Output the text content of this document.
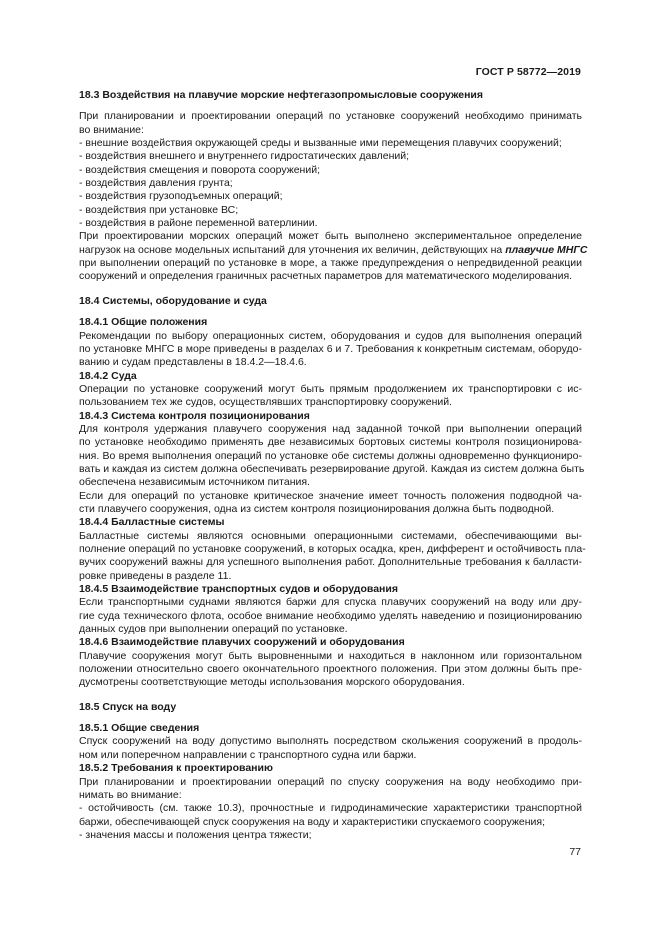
ГОСТ Р 58772—2019
18.3 Воздействия на плавучие морские нефтегазопромысловые сооружения
При планировании и проектировании операций по установке сооружений необходимо принимать
во внимание:
- внешние воздействия окружающей среды и вызванные ими перемещения плавучих сооружений;
- воздействия внешнего и внутреннего гидростатических давлений;
- воздействия смещения и поворота сооружений;
- воздействия давления грунта;
- воздействия грузоподъемных операций;
- воздействия при установке ВС;
- воздействия в районе переменной ватерлинии.
При проектировании морских операций может быть выполнено экспериментальное определение
нагрузок на основе модельных испытаний для уточнения их величин, действующих на плавучие МНГС
при выполнении операций по установке в море, а также предупреждения о непредвиденной реакции
сооружений и определения граничных расчетных параметров для математического моделирования.
18.4 Системы, оборудование и суда
18.4.1 Общие положения
Рекомендации по выбору операционных систем, оборудования и судов для выполнения операций
по установке МНГС в море приведены в разделах 6 и 7. Требования к конкретным системам, оборудо-
ванию и судам представлены в 18.4.2—18.4.6.
18.4.2 Суда
Операции по установке сооружений могут быть прямым продолжением их транспортировки с ис-
пользованием тех же судов, осуществлявших транспортировку сооружений.
18.4.3 Система контроля позиционирования
Для контроля удержания плавучего сооружения над заданной точкой при выполнении операций
по установке необходимо применять две независимых бортовых системы контроля позиционирова-
ния. Во время выполнения операций по установке обе системы должны одновременно функциониро-
вать и каждая из систем должна обеспечивать резервирование другой. Каждая из систем должна быть
обеспечена независимым источником питания.
Если для операций по установке критическое значение имеет точность положения подводной ча-
сти плавучего сооружения, одна из систем контроля позиционирования должна быть подводной.
18.4.4 Балластные системы
Балластные системы являются основными операционными системами, обеспечивающими вы-
полнение операций по установке сооружений, в которых осадка, крен, дифферент и остойчивость пла-
вучих сооружений важны для успешного выполнения работ. Дополнительные требования к балласти-
ровке приведены в разделе 11.
18.4.5 Взаимодействие транспортных судов и оборудования
Если транспортными суднами являются баржи для спуска плавучих сооружений на воду или дру-
гие суда технического флота, особое внимание необходимо уделять наведению и позиционированию
данных судов при выполнении операций по установке.
18.4.6 Взаимодействие плавучих сооружений и оборудования
Плавучие сооружения могут быть выровненными и находиться в наклонном или горизонтальном
положении относительно своего окончательного проектного положения. При этом должны быть пре-
дусмотрены соответствующие методы использования морского оборудования.
18.5 Спуск на воду
18.5.1 Общие сведения
Спуск сооружений на воду допустимо выполнять посредством скольжения сооружений в продоль-
ном или поперечном направлении с транспортного судна или баржи.
18.5.2 Требования к проектированию
При планировании и проектировании операций по спуску сооружения на воду необходимо при-
нимать во внимание:
- остойчивость (см. также 10.3), прочностные и гидродинамические характеристики транспортной
баржи, обеспечивающей спуск сооружения на воду и характеристики спускаемого сооружения;
- значения массы и положения центра тяжести;
77
